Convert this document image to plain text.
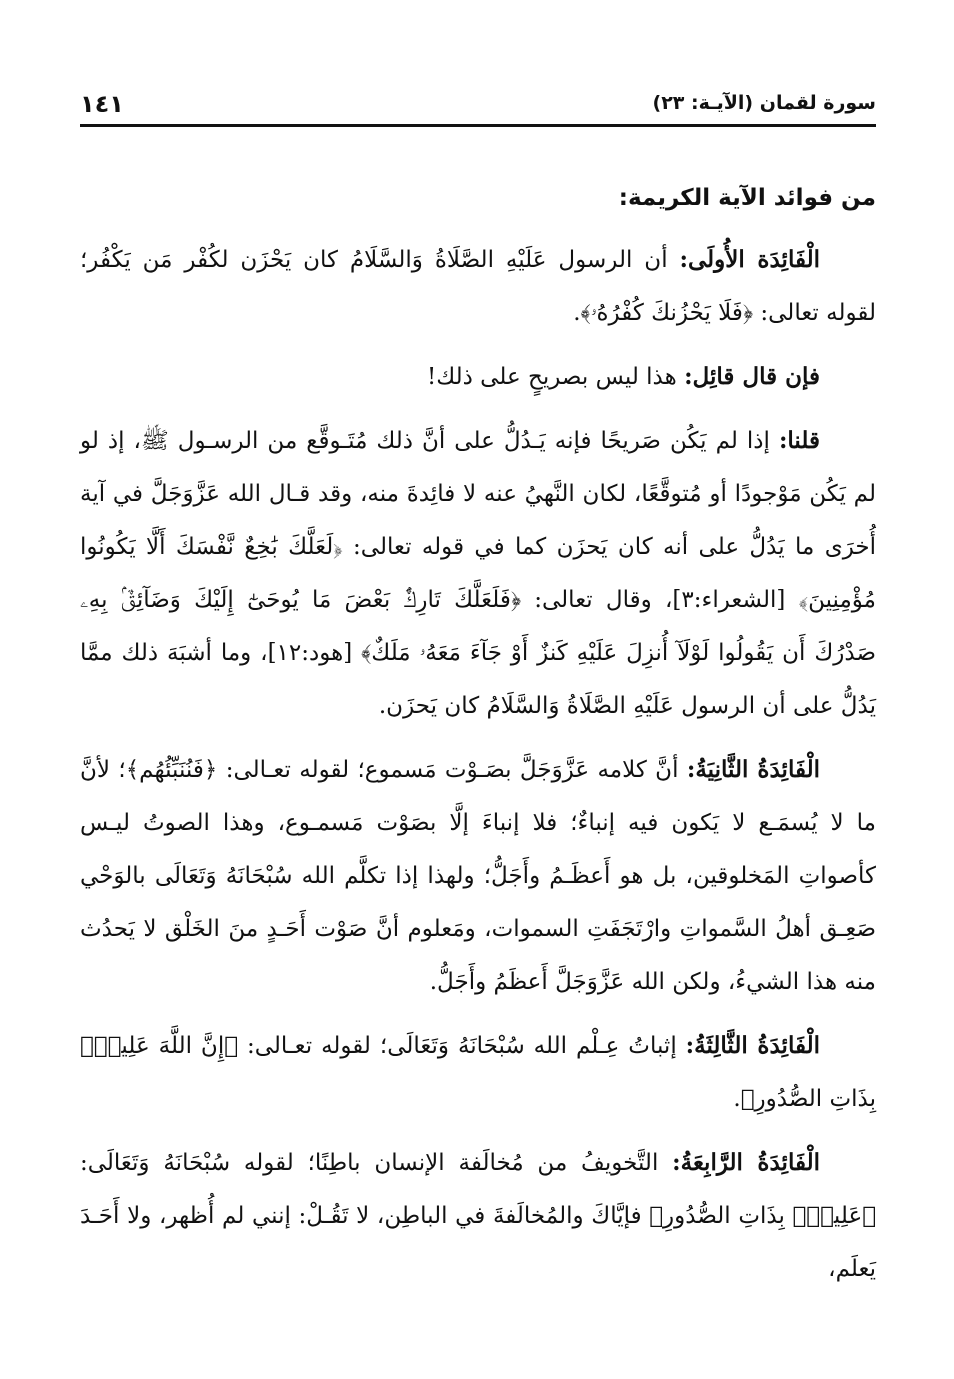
١٤١	سورة لقمان (الآيـة: ٢٣)
من فوائد الآية الكريمة:

الْفَائِدَة الأُولَى: أن الرسول عَلَيْهِ الصَّلَاةُ وَالسَّلَامُ كان يَحْزَن لكُفْر مَن يَكْفُر؛ لقوله تعالى: ﴿فَلَا يَحْزُنكَ كُفْرُهُۥ﴾.

فإن قال قائِل: هذا ليس بصريحٍ على ذلك!

قلنا: إذا لم يَكُن صَريحًا فإنه يَـدُلُّ على أنَّ ذلك مُتَـوقَّع من الرسـول ﷺ، إذ لو لم يَكُن مَوْجودًا أو مُتوقَّعًا، لكان النَّهيُ عنه لا فائِدةَ منه، وقد قـال الله عَزَّوَجَلَّ في آية أُخرَى ما يَدُلُّ على أنه كان يَحزَن كما في قوله تعالى: ﴿لَعَلَّكَ بَٰخِعٌ نَّفْسَكَ أَلَّا يَكُونُوا مُؤْمِنِينَ﴾ [الشعراء:٣]، وقال تعالى: ﴿فَلَعَلَّكَ تَارِكٌۢ بَعْضَ مَا يُوحَىٰٓ إِلَيْكَ وَضَآئِقٌۢ بِهِۦ صَدْرُكَ أَن يَقُولُوا لَوْلَآ أُنزِلَ عَلَيْهِ كَنزٌ أَوْ جَآءَ مَعَهُۥ مَلَكٌ﴾ [هود:١٢]، وما أشبَهَ ذلك ممَّا يَدُلُّ على أن الرسول عَلَيْهِ الصَّلَاةُ وَالسَّلَامُ كان يَحزَن.

الْفَائِدَةُ الثَّانِيَةُ: أنَّ كلامه عَزَّوَجَلَّ بصَـوْت مَسموع؛ لقوله تعـالى: ﴿فَنُنَبِّئُهُم﴾؛ لأنَّ ما لا يُسمَـع لا يَكون فيه إنباءٌ؛ فلا إنباءَ إلَّا بصَوْت مَسمـوع، وهذا الصوتُ ليـس كأصواتِ المَخلوقين، بل هو أَعظَـمُ وأَجَلُّ؛ ولهذا إذا تكلَّم الله سُبْحَانَهُ وَتَعَالَى بالوَحْي صَعِـق أهلُ السَّمواتِ وارْتَجَفَتِ السموات، ومَعلوم أنَّ صَوْت أَحَـدٍ منَ الخَلْق لا يَحدُث منه هذا الشيءُ، ولكن الله عَزَّوَجَلَّ أَعظَمُ وأَجَلُّ.

الْفَائِدَةُ الثَّالِثَةُ: إثباتُ عِـلْم الله سُبْحَانَهُ وَتَعَالَى؛ لقوله تعـالى: ﴿إِنَّ اللَّهَ عَلِيمٌۢ بِذَاتِ الصُّدُورِ﴾.

الْفَائِدَةُ الرَّابِعَةُ: التَّخويفُ من مُخالَفة الإنسان باطِنًا؛ لقوله سُبْحَانَهُ وَتَعَالَى: ﴿عَلِيمٌۢ بِذَاتِ الصُّدُورِ﴾ فإيَّاكَ والمُخالَفةَ في الباطِن، لا تَقُـلْ: إنني لم أُظهر، ولا أَحَـدَ يَعلَم،
